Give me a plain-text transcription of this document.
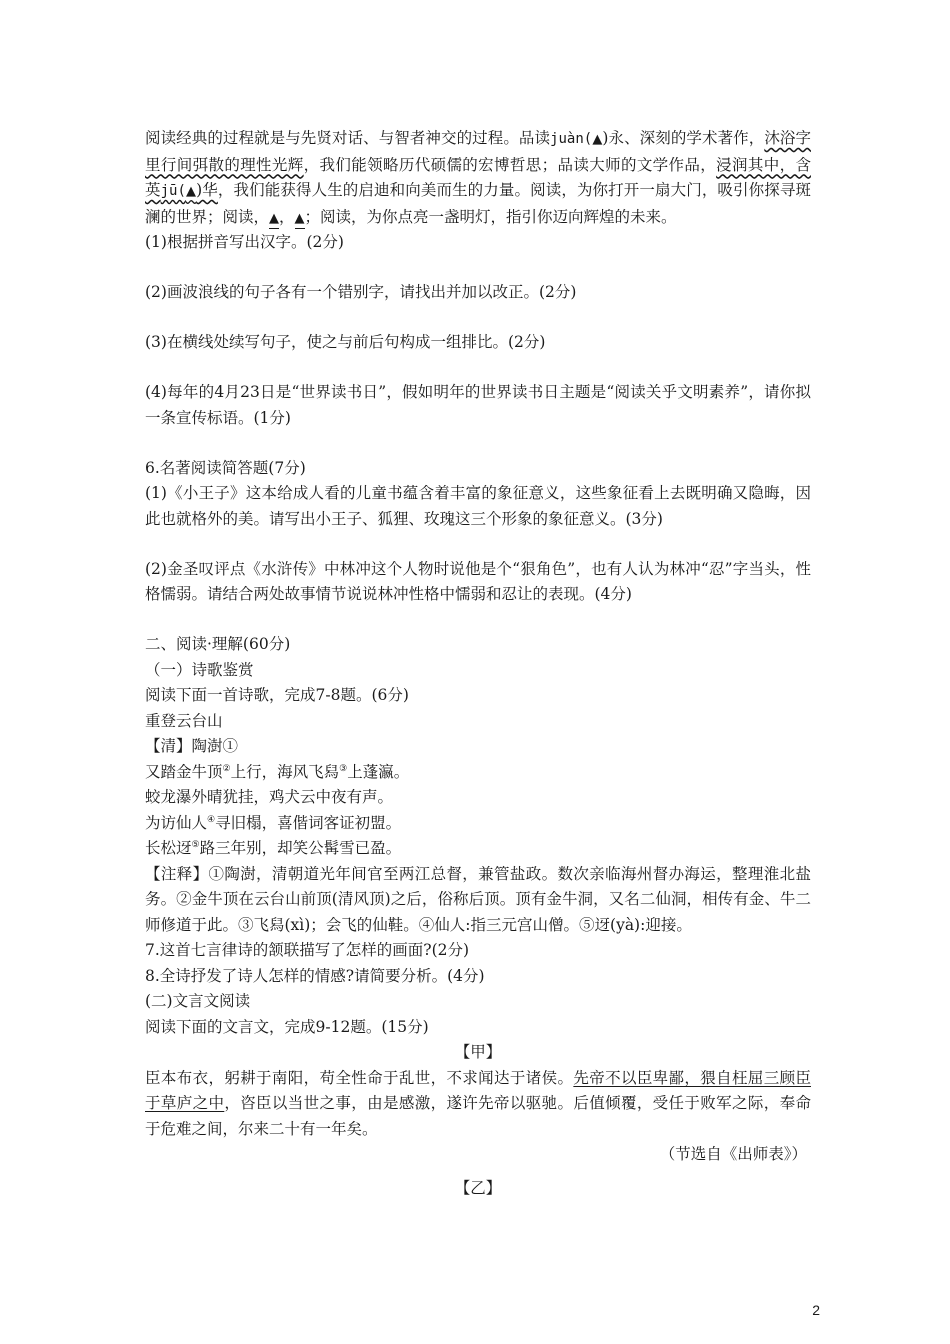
阅读经典的过程就是与先贤对话、与智者神交的过程。品读juàn(▲)永、深刻的学术著作，沐浴字里行间弭散的理性光辉，我们能领略历代硕儒的宏博哲思；品读大师的文学作品，浸润其中，含英jū(▲)华，我们能获得人生的启迪和向美而生的力量。阅读，为你打开一扇大门，吸引你探寻斑澜的世界；阅读，▲，▲；阅读，为你点亮一盏明灯，指引你迈向辉煌的未来。

(1)根据拼音写出汉字。(2分)

(2)画波浪线的句子各有一个错别字，请找出并加以改正。(2分)

(3)在横线处续写句子，使之与前后句构成一组排比。(2分)

(4)每年的4月23日是“世界读书日”，假如明年的世界读书日主题是“阅读关乎文明素养”，请你拟一条宣传标语。(1分)

6.名著阅读简答题(7分)

(1)《小王子》这本给成人看的儿童书蕴含着丰富的象征意义，这些象征看上去既明确又隐晦，因此也就格外的美。请写出小王子、狐狸、玫瑰这三个形象的象征意义。(3分)

(2)金圣叹评点《水浒传》中林冲这个人物时说他是个“狠角色”，也有人认为林冲“忍”字当头，性格懦弱。请结合两处故事情节说说林冲性格中懦弱和忍让的表现。(4分)

二、阅读·理解(60分)

（一）诗歌鉴赏

阅读下面一首诗歌，完成7-8题。(6分)

重登云台山

【清】陶澍①

又踏金牛顶②上行，海风飞舄③上蓬瀛。

蛟龙瀑外晴犹挂，鸡犬云中夜有声。

为访仙人④寻旧榻，喜偕词客证初盟。

长松迓⑤路三年别，却笑公髯雪已盈。

【注释】①陶澍，清朝道光年间官至两江总督，兼管盐政。数次亲临海州督办海运，整理淮北盐务。②金牛顶在云台山前顶(清风顶)之后，俗称后顶。顶有金牛洞，又名二仙洞，相传有金、牛二师修道于此。③飞舄(xì)；会飞的仙鞋。④仙人:指三元宫山僧。⑤迓(yà):迎接。

7.这首七言律诗的颔联描写了怎样的画面?(2分)

8.全诗抒发了诗人怎样的情感?请简要分析。(4分)

(二)文言文阅读

阅读下面的文言文，完成9-12题。(15分)

【甲】

臣本布衣，躬耕于南阳，苟全性命于乱世，不求闻达于诸侯。先帝不以臣卑鄙，猥自枉屈三顾臣于草庐之中，咨臣以当世之事，由是感激，遂许先帝以驱驰。后值倾覆，受任于败军之际，奉命于危难之间，尔来二十有一年矣。

（节选自《出师表》）

【乙】

2
